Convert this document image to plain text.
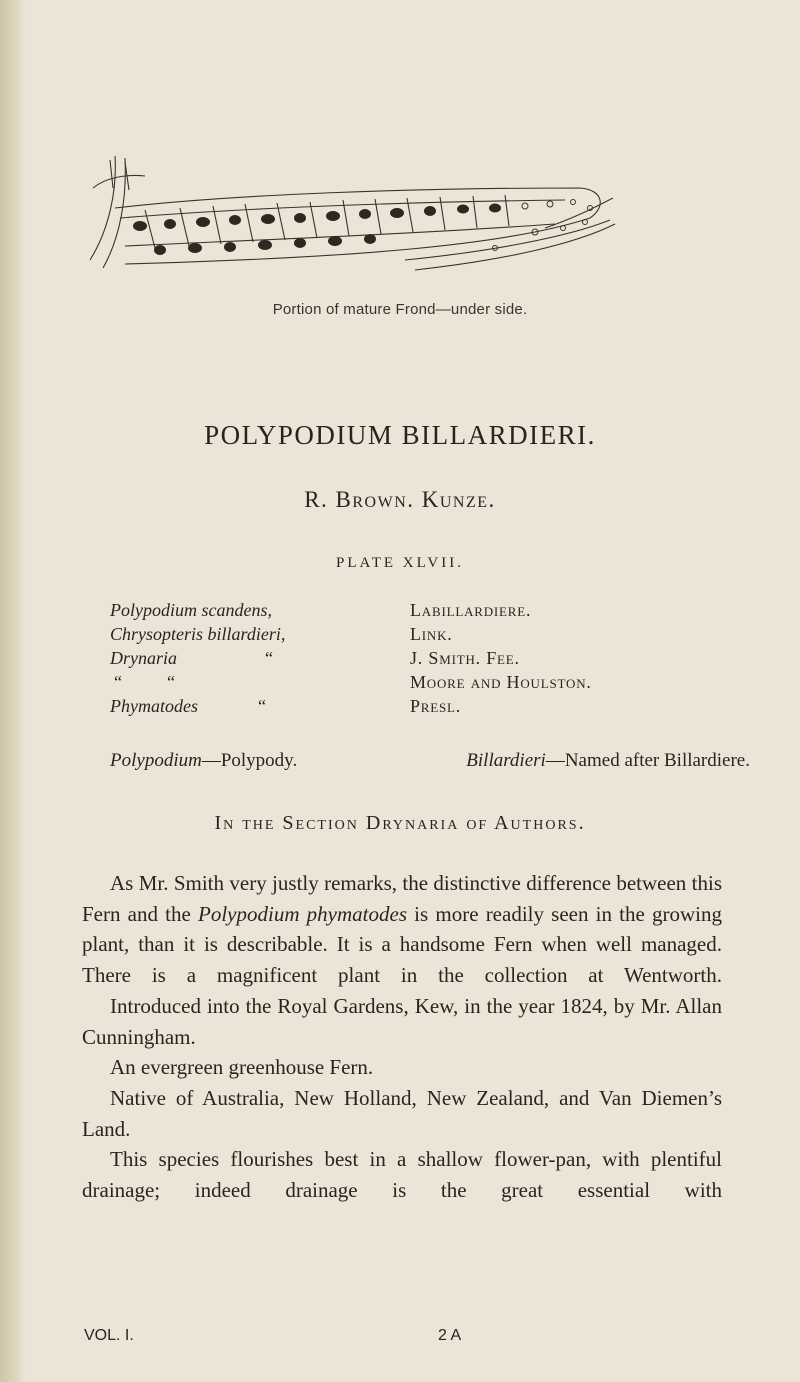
Portion of mature Frond—under side.
POLYPODIUM BILLARDIERI.
R. Brown. Kunze.
PLATE XLVII.
Polypodium scandens,	Labillardiere.
Chrysopteris billardieri,	Link.
Drynaria	“	J. Smith. Fee.
“          “	Moore and Houlston.
Phymatodes	“	Presl.
Polypodium—Polypody.	Billardieri—Named after Billardiere.
In the Section Drynaria of Authors.

As Mr. Smith very justly remarks, the distinctive difference between this Fern and the Polypodium phymatodes is more readily seen in the growing plant, than it is describable. It is a handsome Fern when well managed. There is a magnificent plant in the collection at Wentworth.

Introduced into the Royal Gardens, Kew, in the year 1824, by Mr. Allan Cunningham.

An evergreen greenhouse Fern.

Native of Australia, New Holland, New Zealand, and Van Diemen’s Land.

This species flourishes best in a shallow flower-pan, with plentiful drainage; indeed drainage is the great essential with

VOL. I.	2 A
